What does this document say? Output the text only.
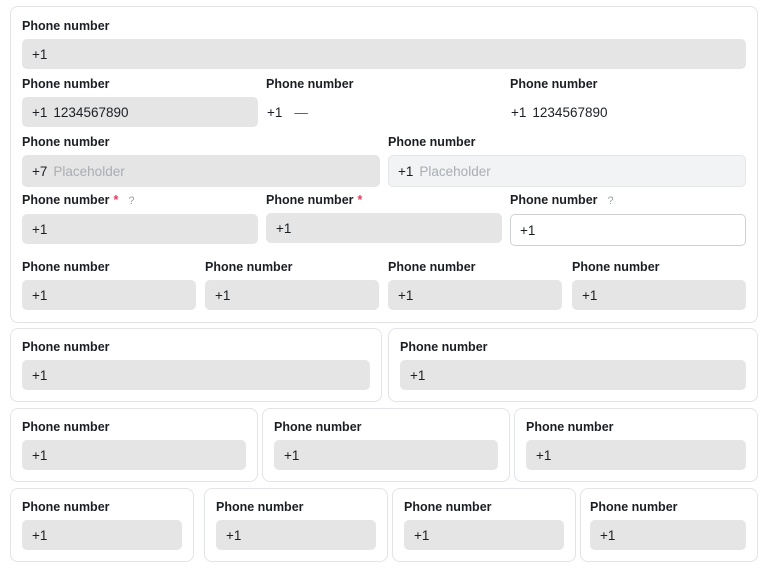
Phone number
+1
Phone number
+1 1234567890
Phone number
+1 —
Phone number
+1 1234567890
Phone number
+7 Placeholder
Phone number
+1 Placeholder
Phone number * ?
+1
Phone number *
+1
Phone number ?
+1
Phone number
+1
Phone number
+1
Phone number
+1
Phone number
+1
Phone number
+1
Phone number
+1
Phone number
+1
Phone number
+1
Phone number
+1
Phone number
+1
Phone number
+1
Phone number
+1
Phone number
+1
